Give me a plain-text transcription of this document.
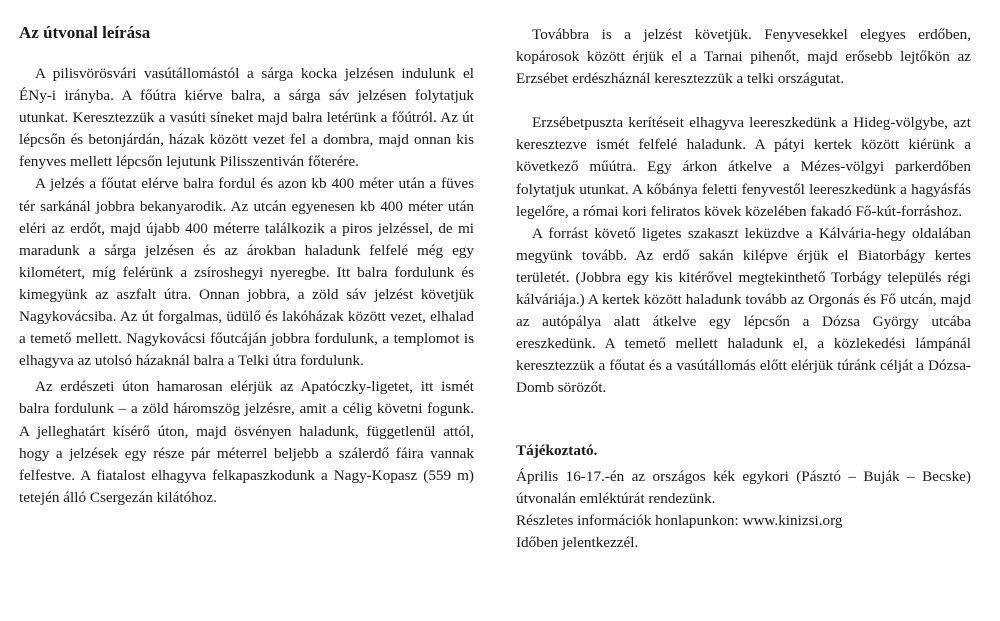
Az útvonal leírása

A pilisvörösvári vasútállomástól a sárga kocka jelzésen indulunk el ÉNy-i irányba. A főútra kiérve balra, a sárga sáv jelzésen folytatjuk utunkat. Keresztezzük a vasúti síneket majd balra letérünk a főútról. Az út lépcsőn és betonjárdán, házak között vezet fel a dombra, majd onnan kis fenyves mellett lépcsőn lejutunk Pilisszentiván főterére.

A jelzés a főutat elérve balra fordul és azon kb 400 méter után a füves tér sarkánál jobbra bekanyarodik. Az utcán egyenesen kb 400 méter után eléri az erdőt, majd újabb 400 méterre találkozik a piros jelzéssel, de mi maradunk a sárga jelzésen és az árokban haladunk felfelé még egy kilométert, míg felérünk a zsíroshegyi nyeregbe. Itt balra fordulunk és kimegyünk az aszfalt útra. Onnan jobbra, a zöld sáv jelzést követjük Nagykovácsiba. Az út forgalmas, üdülő és lakóházak között vezet, elhalad a temető mellett. Nagykovácsi főutcáján jobbra fordulunk, a templomot is elhagyva az utolsó házaknál balra a Telki útra fordulunk.

Az erdészeti úton hamarosan elérjük az Apatóczky-ligetet, itt ismét balra fordulunk – a zöld háromszög jelzésre, amit a célig követni fogunk. A jelleghatárt kísérő úton, majd ösvényen haladunk, függetlenül attól, hogy a jelzések egy része pár méterrel beljebb a szálerdő fáira vannak felfestve. A fiatalost elhagyva felkapaszkodunk a Nagy-Kopasz (559 m) tetején álló Csergezán kilátóhoz.

Továbbra is a jelzést követjük. Fenyvesekkel elegyes erdőben, kopárosok között érjük el a Tarnai pihenőt, majd erősebb lejtőkön az Erzsébet erdészháznál keresztezzük a telki országutat.

Erzsébetpuszta kerítéseit elhagyva leereszkedünk a Hideg-völgybe, azt keresztezve ismét felfelé haladunk. A pátyi kertek között kiérünk a következő műútra. Egy árkon átkelve a Mézes-völgyi parkerdőben folytatjuk utunkat. A kőbánya feletti fenyvestől leereszkedünk a hagyásfás legelőre, a római kori feliratos kövek közelében fakadó Fő-kút-forráshoz.

A forrást követő ligetes szakaszt leküzdve a Kálvária-hegy oldalában megyünk tovább. Az erdő sakán kilépve érjük el Biatorbágy kertes területét. (Jobbra egy kis kitérővel megtekinthető Torbágy település régi kálváriája.) A kertek között haladunk tovább az Orgonás és Fő utcán, majd az autópálya alatt átkelve egy lépcsőn a Dózsa György utcába ereszkedünk. A temető mellett haladunk el, a közlekedési lámpánál keresztezzük a főutat és a vasútállomás előtt elérjük túránk célját a Dózsa-Domb sörözőt.

Tájékoztató.

Április 16-17.-én az országos kék egykori (Pásztó – Buják – Becske) útvonalán emléktúrát rendezünk.

Részletes információk honlapunkon: www.kinizsi.org

Időben jelentkezzél.
